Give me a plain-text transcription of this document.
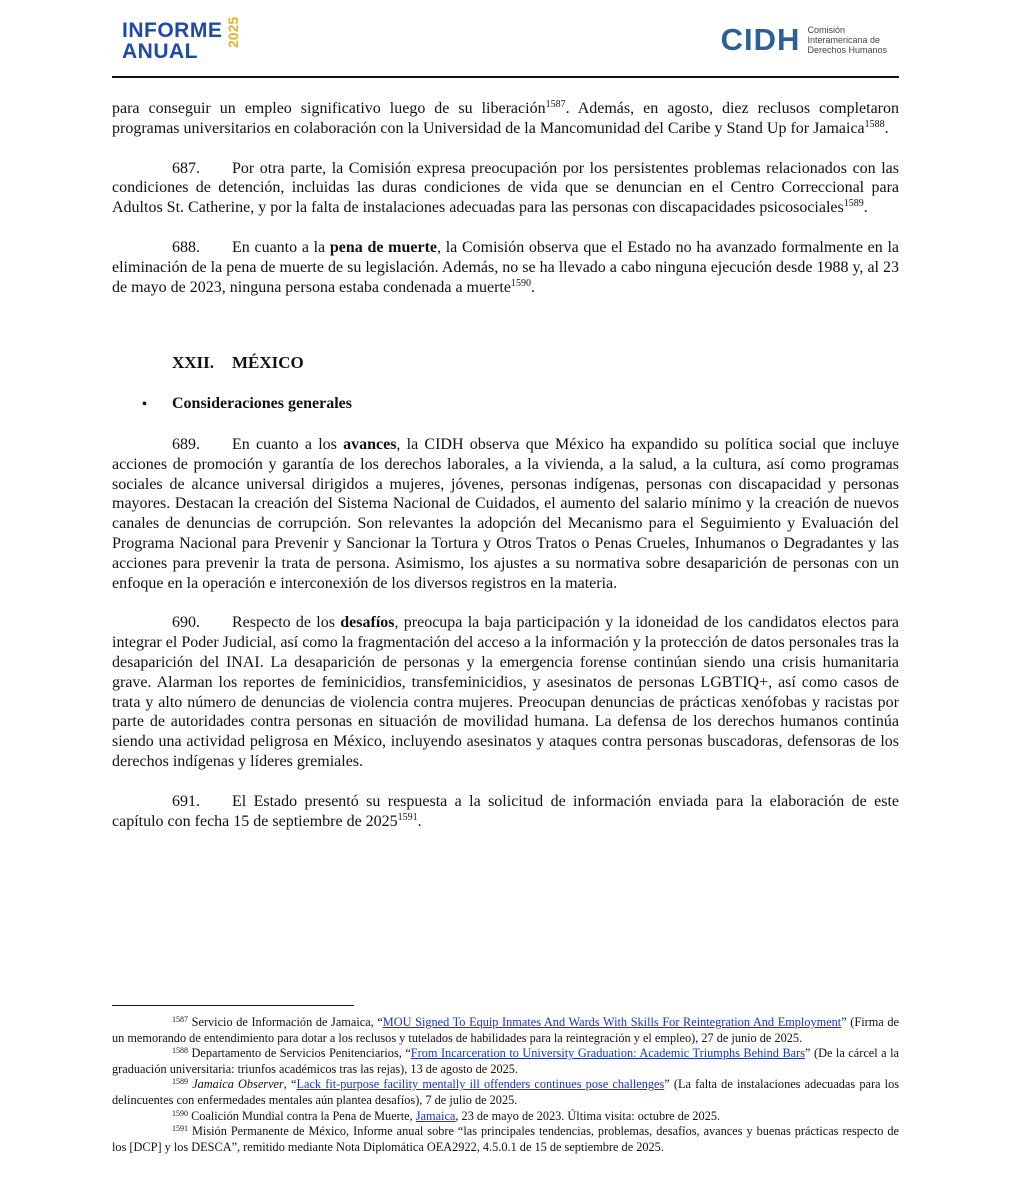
INFORME
ANUAL
2025	CIDH Comisión
Interamericana de
Derechos Humanos

para conseguir un empleo significativo luego de su liberación$^{1587}$. Además, en agosto, diez reclusos completaron programas universitarios en colaboración con la Universidad de la Mancomunidad del Caribe y Stand Up for Jamaica$^{1588}$.

687. Por otra parte, la Comisión expresa preocupación por los persistentes problemas relacionados con las condiciones de detención, incluidas las duras condiciones de vida que se denuncian en el Centro Correccional para Adultos St. Catherine, y por la falta de instalaciones adecuadas para las personas con discapacidades psicosociales$^{1589}$.

688. En cuanto a la pena de muerte, la Comisión observa que el Estado no ha avanzado formalmente en la eliminación de la pena de muerte de su legislación. Además, no se ha llevado a cabo ninguna ejecución desde 1988 y, al 23 de mayo de 2023, ninguna persona estaba condenada a muerte$^{1590}$.

XXII. MÉXICO
• Consideraciones generales

689. En cuanto a los avances, la CIDH observa que México ha expandido su política social que incluye acciones de promoción y garantía de los derechos laborales, a la vivienda, a la salud, a la cultura, así como programas sociales de alcance universal dirigidos a mujeres, jóvenes, personas indígenas, personas con discapacidad y personas mayores. Destacan la creación del Sistema Nacional de Cuidados, el aumento del salario mínimo y la creación de nuevos canales de denuncias de corrupción. Son relevantes la adopción del Mecanismo para el Seguimiento y Evaluación del Programa Nacional para Prevenir y Sancionar la Tortura y Otros Tratos o Penas Crueles, Inhumanos o Degradantes y las acciones para prevenir la trata de persona. Asimismo, los ajustes a su normativa sobre desaparición de personas con un enfoque en la operación e interconexión de los diversos registros en la materia.

690. Respecto de los desafíos, preocupa la baja participación y la idoneidad de los candidatos electos para integrar el Poder Judicial, así como la fragmentación del acceso a la información y la protección de datos personales tras la desaparición del INAI. La desaparición de personas y la emergencia forense continúan siendo una crisis humanitaria grave. Alarman los reportes de feminicidios, transfeminicidios, y asesinatos de personas LGBTIQ+, así como casos de trata y alto número de denuncias de violencia contra mujeres. Preocupan denuncias de prácticas xenófobas y racistas por parte de autoridades contra personas en situación de movilidad humana. La defensa de los derechos humanos continúa siendo una actividad peligrosa en México, incluyendo asesinatos y ataques contra personas buscadoras, defensoras de los derechos indígenas y líderes gremiales.

691. El Estado presentó su respuesta a la solicitud de información enviada para la elaboración de este capítulo con fecha 15 de septiembre de $2025^{1591}$.

$^{1587}$ Servicio de Información de Jamaica, “MOU Signed To Equip Inmates And Wards With Skills For Reintegration And Employment” (Firma de un memorando de entendimiento para dotar a los reclusos y tutelados de habilidades para la reintegración y el empleo), 27 de junio de 2025.

$^{1588}$ Departamento de Servicios Penitenciarios, “From Incarceration to University Graduation: Academic Triumphs Behind Bars” (De la cárcel a la graduación universitaria: triunfos académicos tras las rejas), 13 de agosto de 2025.

$^{1589}$ Jamaica Observer, “Lack fit-purpose facility mentally ill offenders continues pose challenges” (La falta de instalaciones adecuadas para los delincuentes con enfermedades mentales aún plantea desafíos), 7 de julio de 2025.

$^{1590}$ Coalición Mundial contra la Pena de Muerte, Jamaica, 23 de mayo de 2023. Última visita: octubre de 2025.

$^{1591}$ Misión Permanente de México, Informe anual sobre “las principales tendencias, problemas, desafíos, avances y buenas prácticas respecto de los [DCP] y los DESCA”, remitido mediante Nota Diplomática OEA2922, 4.5.0.1 de 15 de septiembre de 2025.
